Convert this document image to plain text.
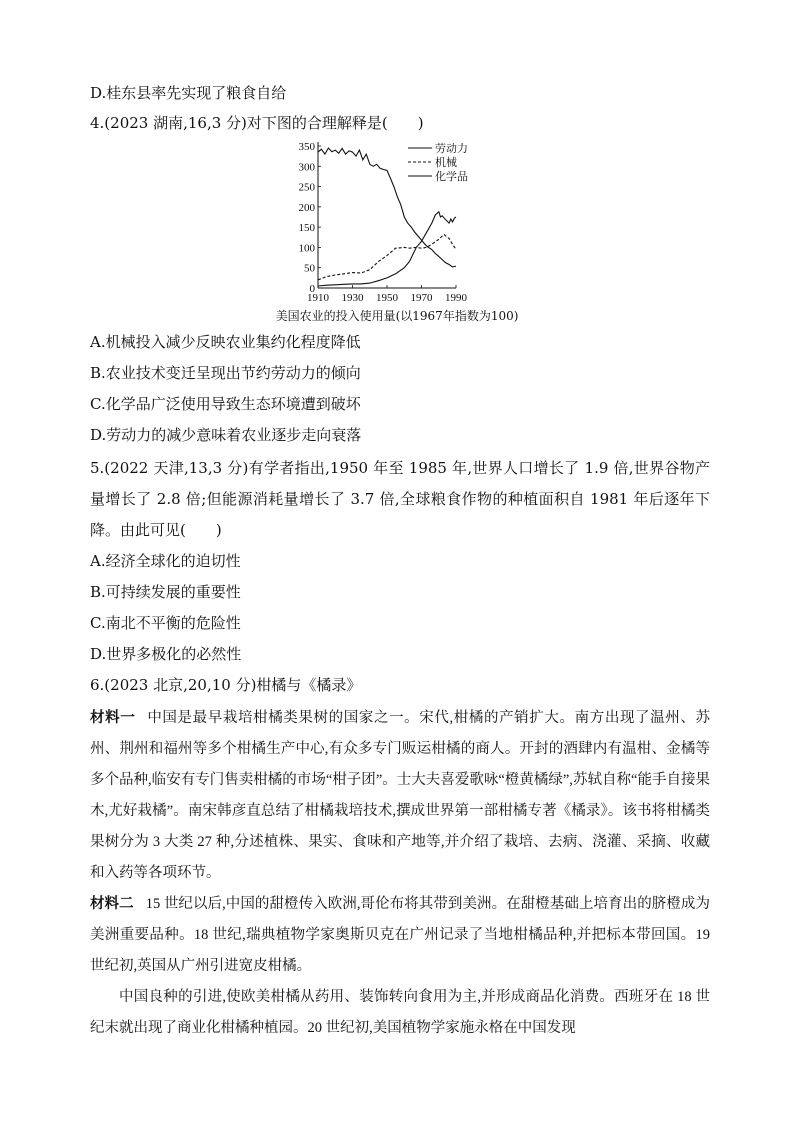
D.桂东县率先实现了粮食自给
4.(2023 湖南,16,3 分)对下图的合理解释是(　　)
0
50
100
150
200
250
300
350
1910 1930 1950 1970 1990
劳动力
机械
化学品
美国农业的投入使用量(以1967年指数为100)
A.机械投入减少反映农业集约化程度降低
B.农业技术变迁呈现出节约劳动力的倾向
C.化学品广泛使用导致生态环境遭到破坏
D.劳动力的减少意味着农业逐步走向衰落
5.(2022 天津,13,3 分)有学者指出,1950 年至 1985 年,世界人口增长了 1.9 倍,世界谷物产量增长了 2.8 倍;但能源消耗量增长了 3.7 倍,全球粮食作物的种植面积自 1981 年后逐年下降。由此可见(　　)
A.经济全球化的迫切性
B.可持续发展的重要性
C.南北不平衡的危险性
D.世界多极化的必然性
6.(2023 北京,20,10 分)柑橘与《橘录》
材料一 中国是最早栽培柑橘类果树的国家之一。宋代,柑橘的产销扩大。南方出现了温州、苏州、荆州和福州等多个柑橘生产中心,有众多专门贩运柑橘的商人。开封的酒肆内有温柑、金橘等多个品种,临安有专门售卖柑橘的市场“柑子团”。士大夫喜爱歌咏“橙黄橘绿”,苏轼自称“能手自接果木,尤好栽橘”。南宋韩彦直总结了柑橘栽培技术,撰成世界第一部柑橘专著《橘录》。该书将柑橘类果树分为 3 大类 27 种,分述植株、果实、食味和产地等,并介绍了栽培、去病、浇灌、采摘、收藏和入药等各项环节。
材料二 15 世纪以后,中国的甜橙传入欧洲,哥伦布将其带到美洲。在甜橙基础上培育出的脐橙成为美洲重要品种。18 世纪,瑞典植物学家奥斯贝克在广州记录了当地柑橘品种,并把标本带回国。19 世纪初,英国从广州引进宽皮柑橘。
中国良种的引进,使欧美柑橘从药用、装饰转向食用为主,并形成商品化消费。西班牙在 18 世纪末就出现了商业化柑橘种植园。20 世纪初,美国植物学家施永格在中国发现
